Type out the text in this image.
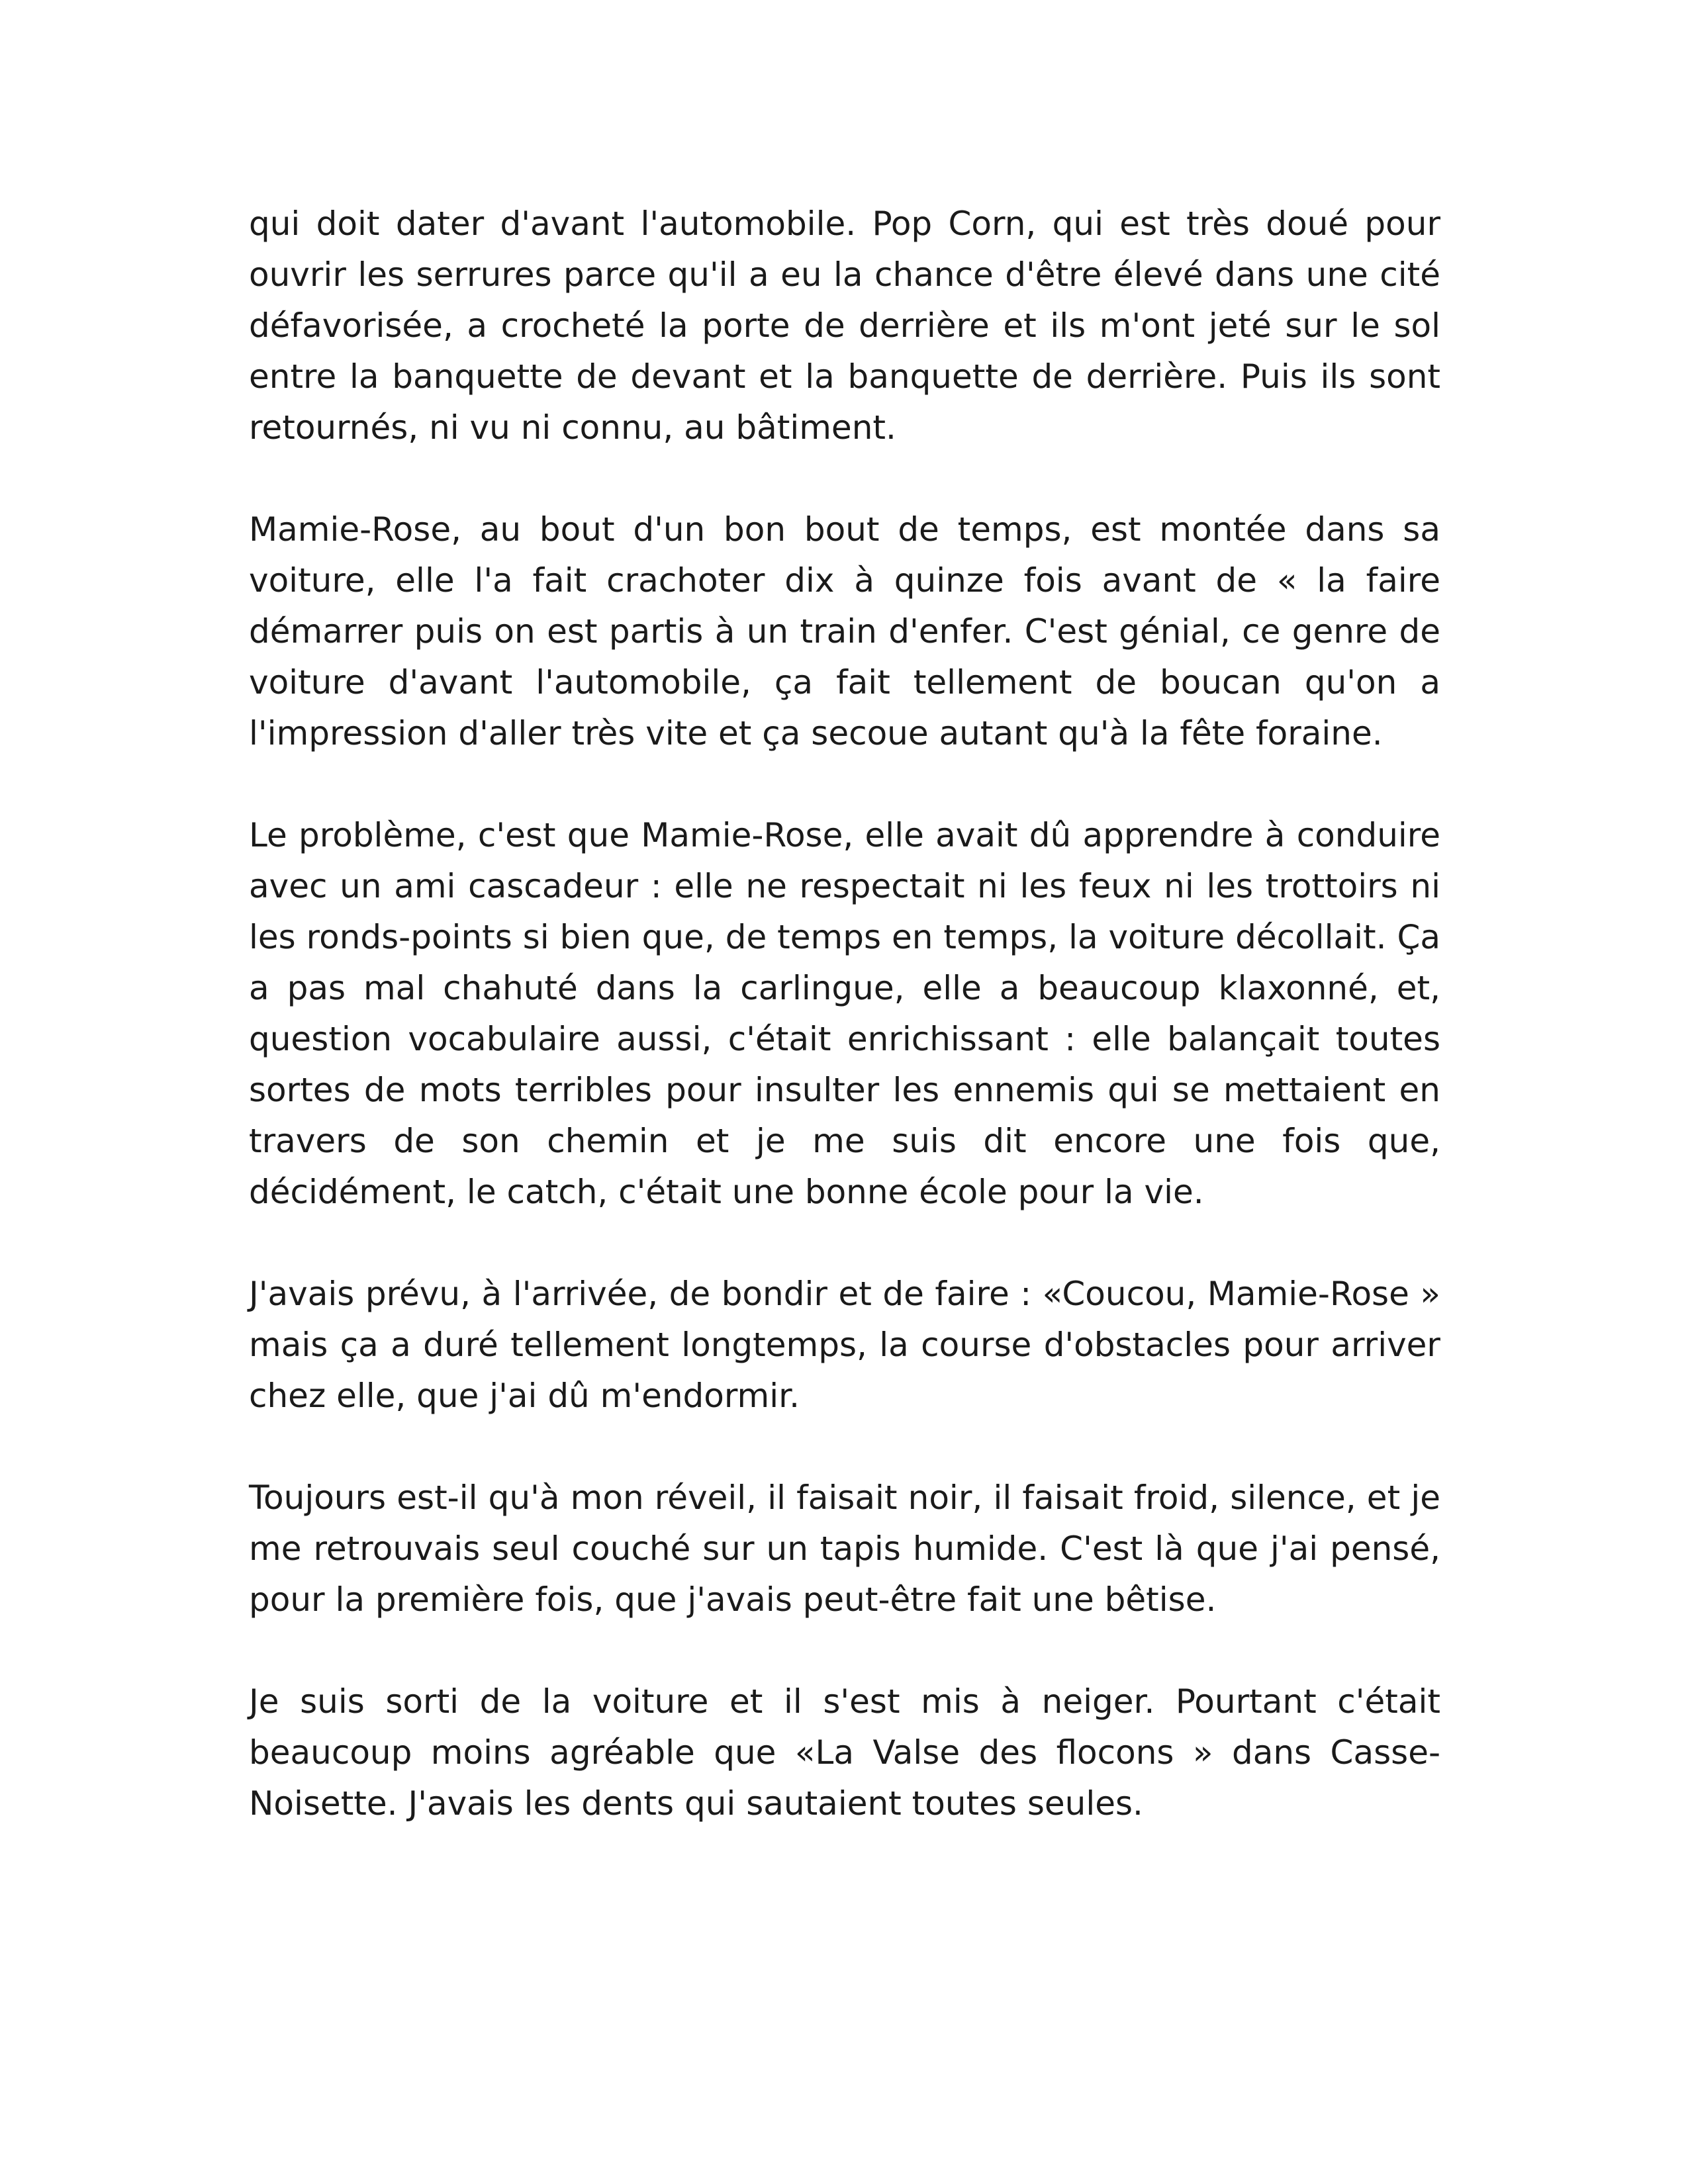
qui doit dater d'avant l'automobile. Pop Corn, qui est très doué pour ouvrir les serrures parce qu'il a eu la chance d'être élevé dans une cité défavorisée, a crocheté la porte de derrière et ils m'ont jeté sur le sol entre la banquette de devant et la banquette de derrière. Puis ils sont retournés, ni vu ni connu, au bâtiment.

Mamie-Rose, au bout d'un bon bout de temps, est montée dans sa voiture, elle l'a fait crachoter dix à quinze fois avant de « la faire démarrer puis on est partis à un train d'enfer. C'est génial, ce genre de voiture d'avant l'automobile, ça fait tellement de boucan qu'on a l'impression d'aller très vite et ça secoue autant qu'à la fête foraine.

Le problème, c'est que Mamie-Rose, elle avait dû apprendre à conduire avec un ami cascadeur : elle ne respectait ni les feux ni les trottoirs ni les ronds-points si bien que, de temps en temps, la voiture décollait. Ça a pas mal chahuté dans la carlingue, elle a beaucoup klaxonné, et, question vocabulaire aussi, c'était enrichissant : elle balançait toutes sortes de mots terribles pour insulter les ennemis qui se mettaient en travers de son chemin et je me suis dit encore une fois que, décidément, le catch, c'était une bonne école pour la vie.

J'avais prévu, à l'arrivée, de bondir et de faire : «Coucou, Mamie-Rose » mais ça a duré tellement longtemps, la course d'obstacles pour arriver chez elle, que j'ai dû m'endormir.

Toujours est-il qu'à mon réveil, il faisait noir, il faisait froid, silence, et je me retrouvais seul couché sur un tapis humide. C'est là que j'ai pensé, pour la première fois, que j'avais peut-être fait une bêtise.

Je suis sorti de la voiture et il s'est mis à neiger. Pourtant c'était beaucoup moins agréable que «La Valse des flocons » dans Casse-Noisette. J'avais les dents qui sautaient toutes seules.
